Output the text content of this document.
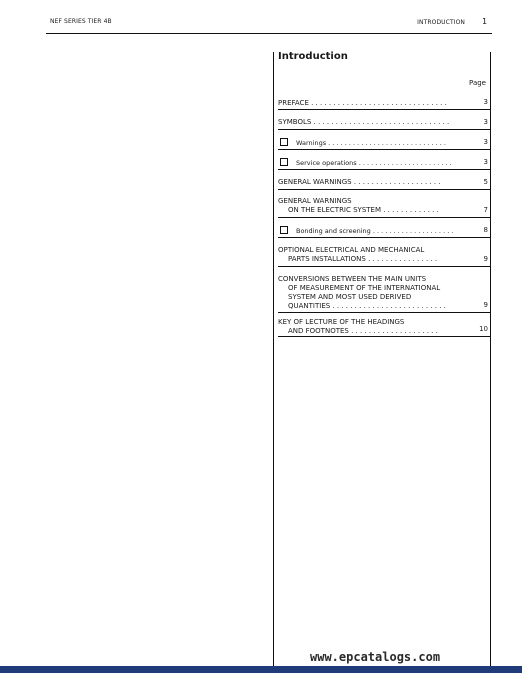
NEF SERIES TIER 4B	INTRODUCTION 1
Introduction
Page
PREFACE . . . . . . . . . . . . . . . . . . . . . . . . . . . . . . .	3
SYMBOLS . . . . . . . . . . . . . . . . . . . . . . . . . . . . . . .	3
Warnings . . . . . . . . . . . . . . . . . . . . . . . . . . . . .	3
Service operations . . . . . . . . . . . . . . . . . . . . . . .	3
GENERAL WARNINGS . . . . . . . . . . . . . . . . . . . .	5
GENERAL WARNINGS
ON THE ELECTRIC SYSTEM . . . . . . . . . . . . .	7
Bonding and screening . . . . . . . . . . . . . . . . . . . .	8
OPTIONAL ELECTRICAL AND MECHANICAL
PARTS INSTALLATIONS . . . . . . . . . . . . . . . .	9
CONVERSIONS BETWEEN THE MAIN UNITS
OF MEASUREMENT OF THE INTERNATIONAL
SYSTEM AND MOST USED DERIVED
QUANTITIES . . . . . . . . . . . . . . . . . . . . . . . . . .	9
KEY OF LECTURE OF THE HEADINGS
AND FOOTNOTES . . . . . . . . . . . . . . . . . . . .	10
www.epcatalogs.com
